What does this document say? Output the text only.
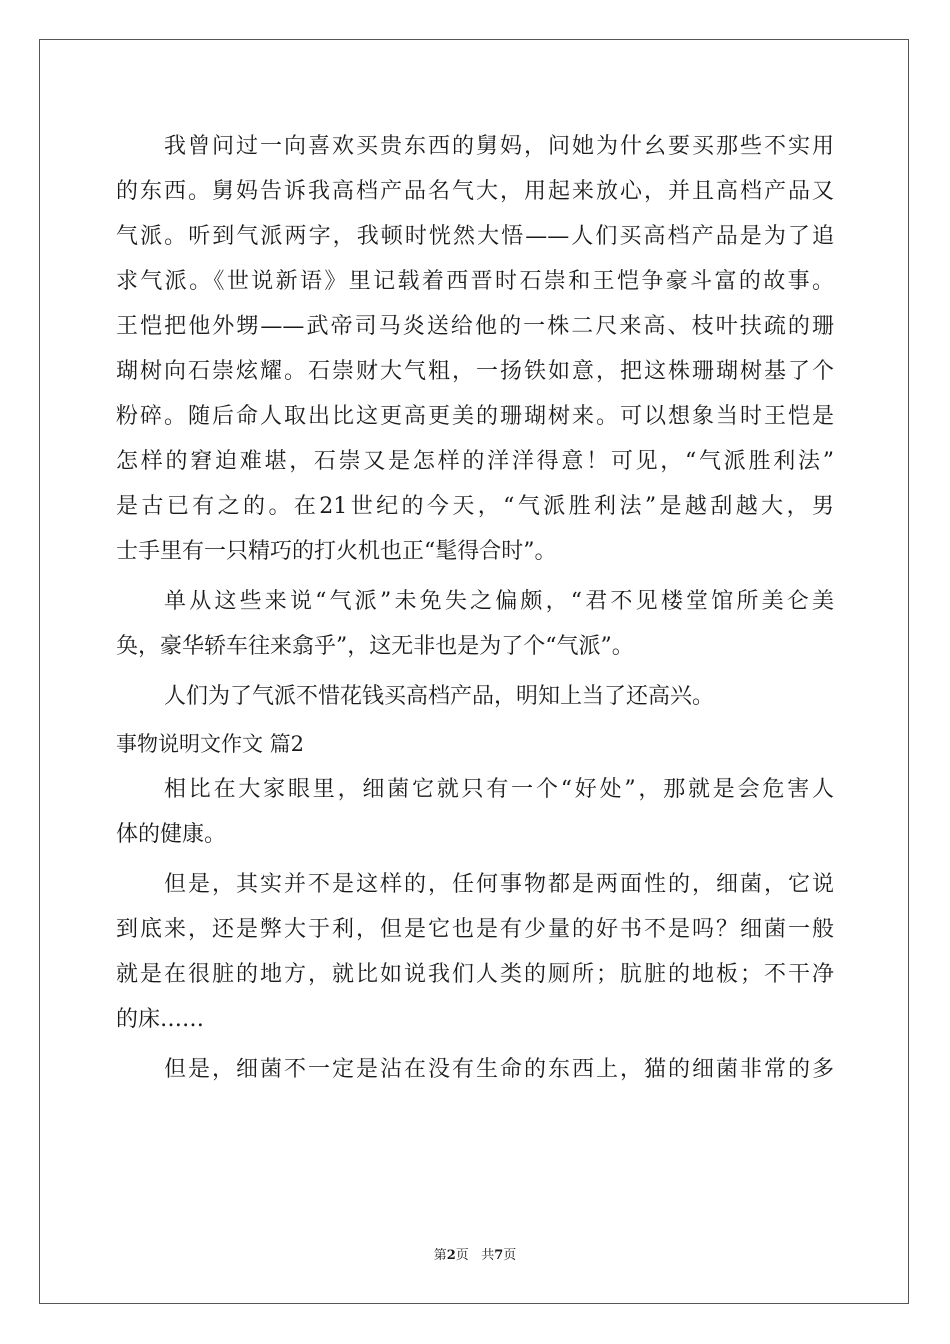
我曾问过一向喜欢买贵东西的舅妈，问她为什幺要买那些不实用
的东西。舅妈告诉我高档产品名气大，用起来放心，并且高档产品又
气派。听到气派两字，我顿时恍然大悟——人们买高档产品是为了追
求气派。《世说新语》里记载着西晋时石崇和王恺争豪斗富的故事。
王恺把他外甥——武帝司马炎送给他的一株二尺来高、枝叶扶疏的珊
瑚树向石崇炫耀。石崇财大气粗，一扬铁如意，把这株珊瑚树基了个
粉碎。随后命人取出比这更高更美的珊瑚树来。可以想象当时王恺是
怎样的窘迫难堪，石崇又是怎样的洋洋得意！可见，“气派胜利法”
是古已有之的。在21世纪的今天，“气派胜利法”是越刮越大，男
士手里有一只精巧的打火机也正“髦得合时”。
单从这些来说“气派”未免失之偏颇，“君不见楼堂馆所美仑美
奂，豪华轿车往来翕乎”，这无非也是为了个“气派”。
人们为了气派不惜花钱买高档产品，明知上当了还高兴。
事物说明文作文 篇2
相比在大家眼里，细菌它就只有一个“好处”，那就是会危害人
体的健康。
但是，其实并不是这样的，任何事物都是两面性的，细菌，它说
到底来，还是弊大于利，但是它也是有少量的好书不是吗？细菌一般
就是在很脏的地方，就比如说我们人类的厕所；肮脏的地板；不干净
的床……
但是，细菌不一定是沾在没有生命的东西上，猫的细菌非常的多
第2页 共7页
